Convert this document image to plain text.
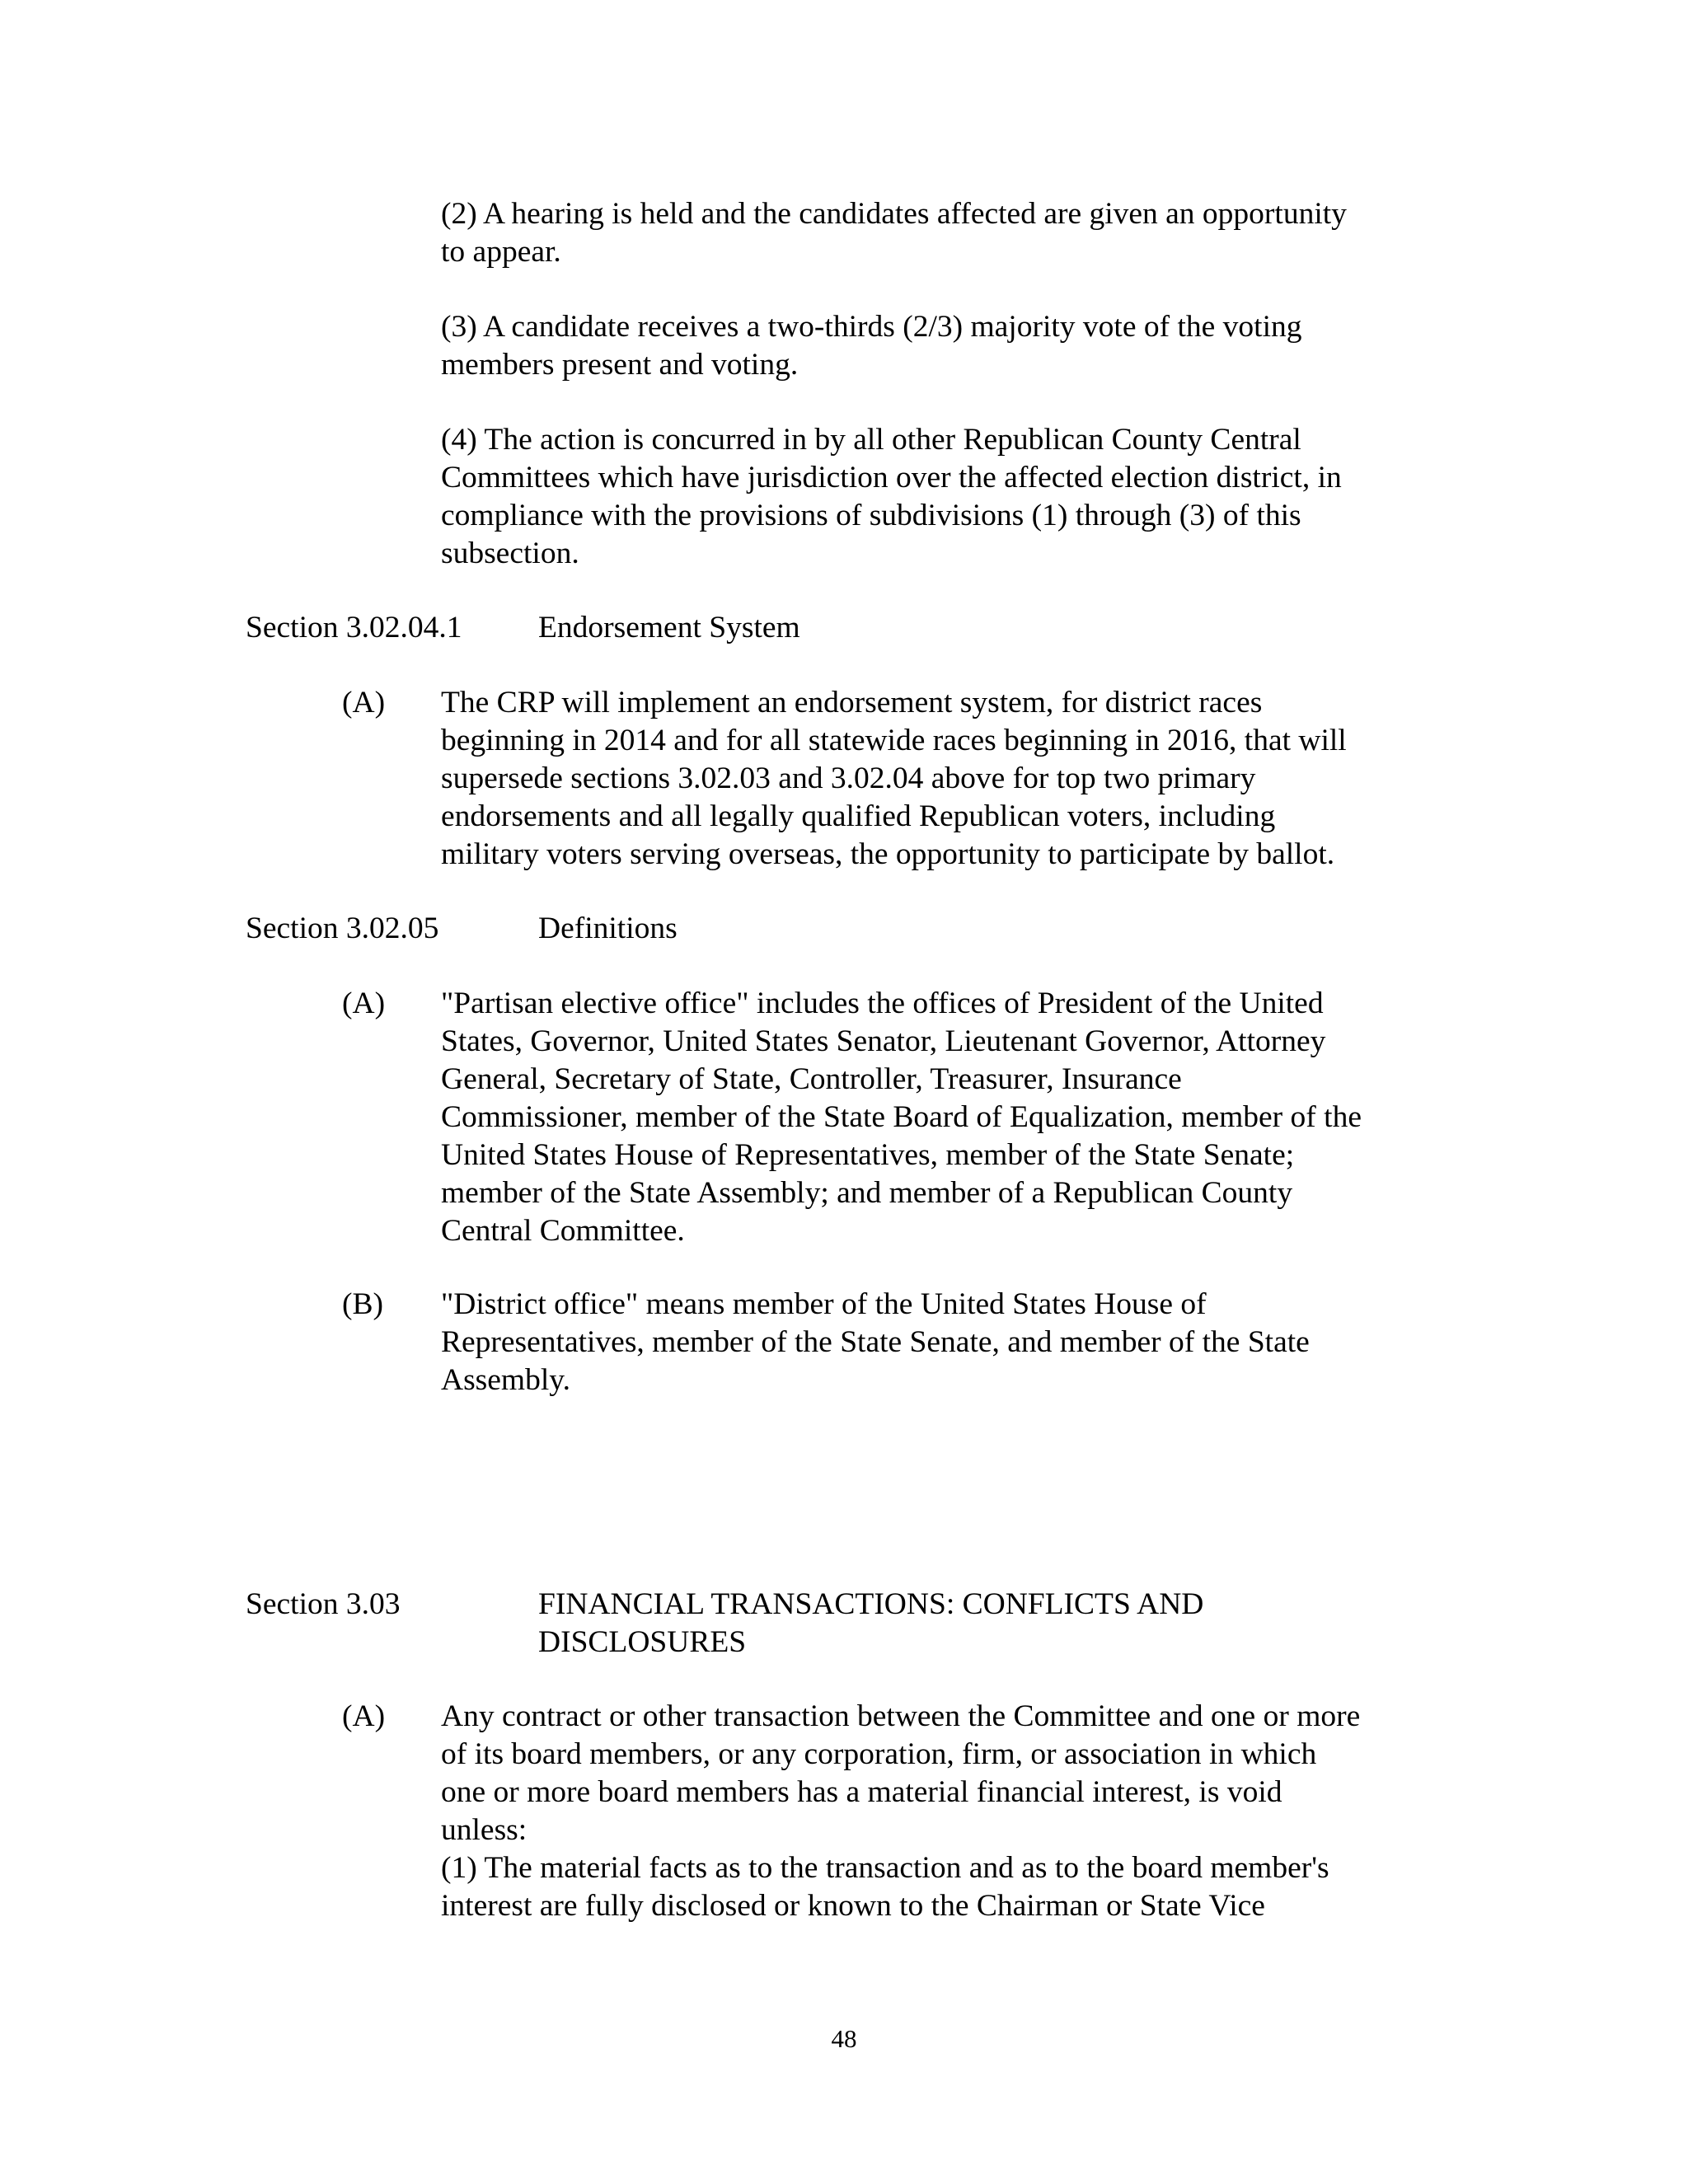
(2) A hearing is held and the candidates affected are given an opportunity
to appear.

(3) A candidate receives a two-thirds (2/3) majority vote of the voting
members present and voting.

(4) The action is concurred in by all other Republican County Central
Committees which have jurisdiction over the affected election district, in
compliance with the provisions of subdivisions (1) through (3) of this
subsection.

Section 3.02.04.1 Endorsement System

(A) The CRP will implement an endorsement system, for district races
beginning in 2014 and for all statewide races beginning in 2016, that will
supersede sections 3.02.03 and 3.02.04 above for top two primary
endorsements and all legally qualified Republican voters, including
military voters serving overseas, the opportunity to participate by ballot.

Section 3.02.05	Definitions

(A) "Partisan elective office" includes the offices of President of the United
States, Governor, United States Senator, Lieutenant Governor, Attorney
General, Secretary of State, Controller, Treasurer, Insurance
Commissioner, member of the State Board of Equalization, member of the
United States House of Representatives, member of the State Senate;
member of the State Assembly; and member of a Republican County
Central Committee.

(B) "District office" means member of the United States House of
Representatives, member of the State Senate, and member of the State
Assembly.

Section 3.03	FINANCIAL TRANSACTIONS: CONFLICTS AND
DISCLOSURES

(A) Any contract or other transaction between the Committee and one or more
of its board members, or any corporation, firm, or association in which
one or more board members has a material financial interest, is void
unless:
(1) The material facts as to the transaction and as to the board member's
interest are fully disclosed or known to the Chairman or State Vice

48
